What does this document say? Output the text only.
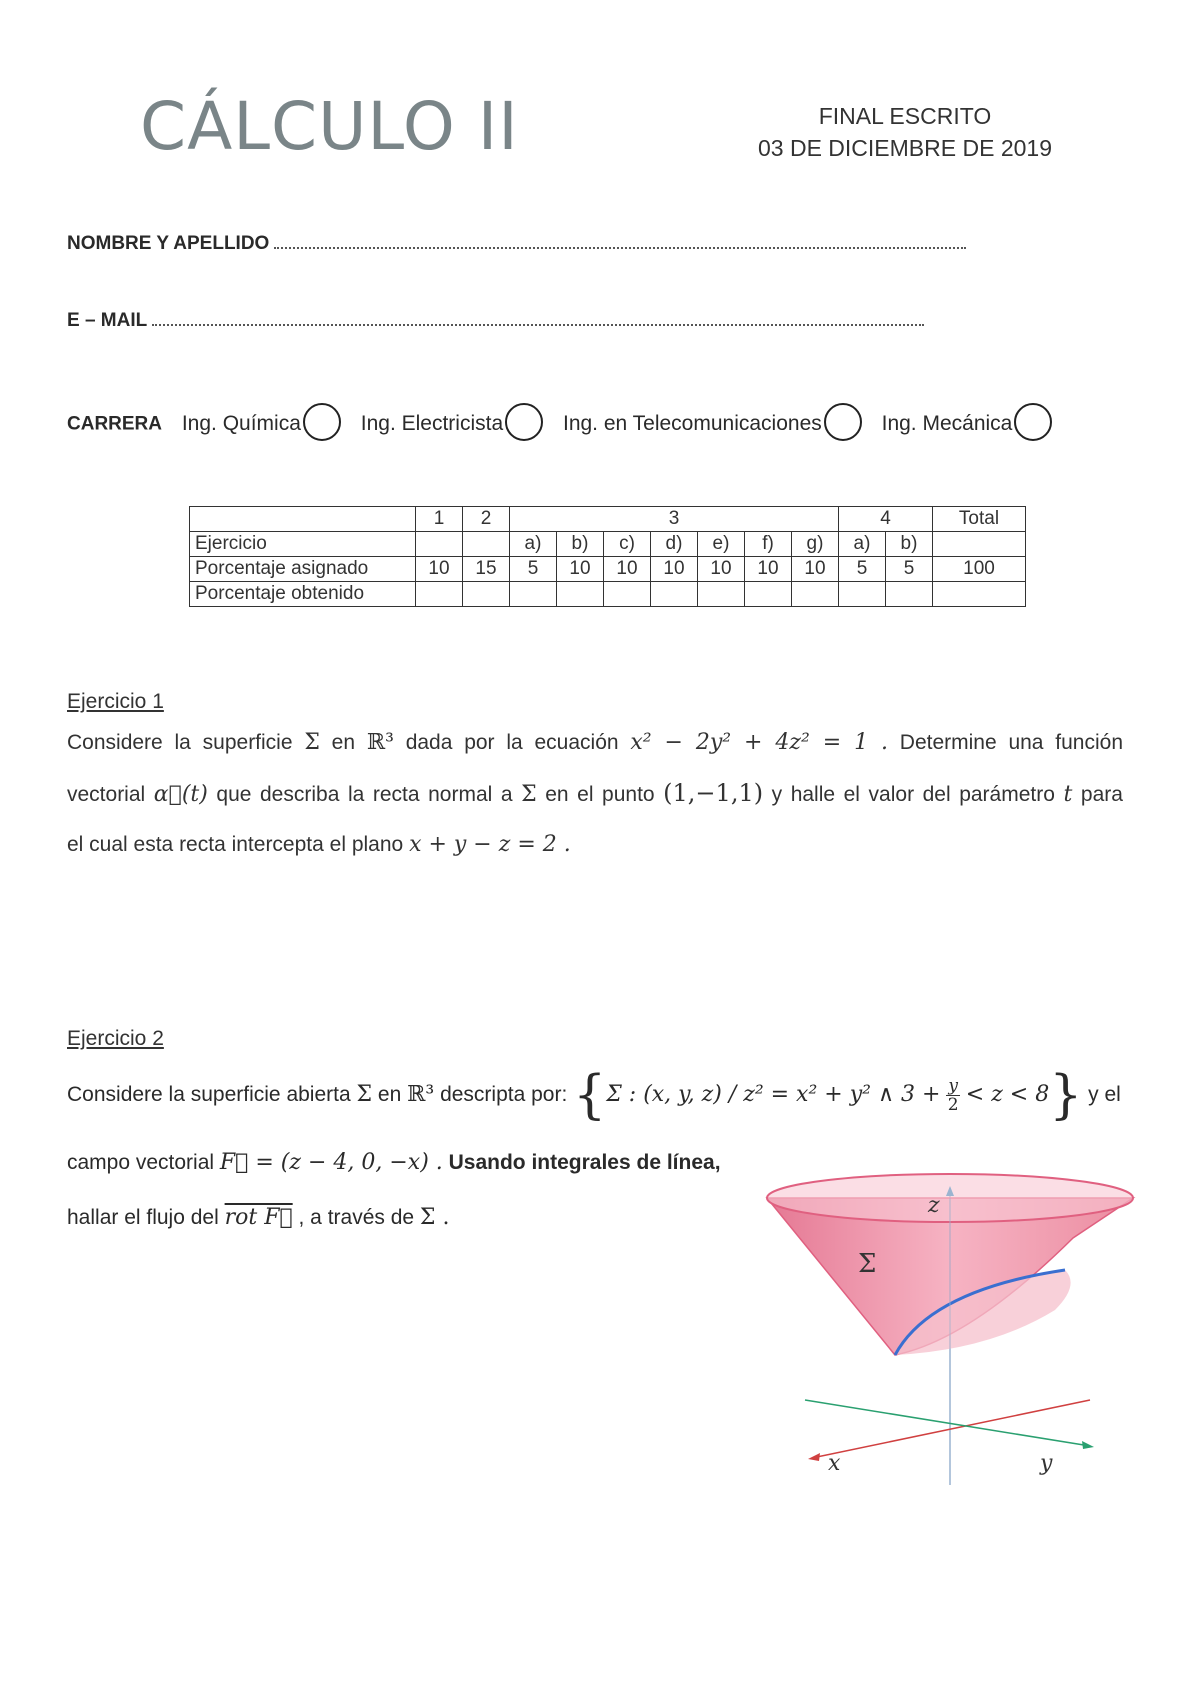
CÁLCULO II	FINAL ESCRITO
03 DE DICIEMBRE DE 2019
NOMBRE Y APELLIDO
E – MAIL
CARRERA Ing. Química	Ing. Electricista	Ing. en Telecomunicaciones	Ing. Mecánica
	1	2	3							4		Total
Ejercicio			a)	b)	c)	d)	e)	f)	g)	a)	b)	
Porcentaje asignado	10	15	5	10	10	10	10	10	10	5	5	100
Porcentaje obtenido												
Ejercicio 1
Considere la superficie Σ en ℝ³ dada por la ecuación x² − 2y² + 4z² = 1 . Determine una función
vectorial α⃗(t) que describa la recta normal a Σ en el punto (1,−1,1) y halle el valor del parámetro t para
el cual esta recta intercepta el plano x + y − z = 2 .
Ejercicio 2
Considere la superficie abierta Σ en ℝ³ descripta por: {Σ : (x, y, z) / z² = x² + y² ∧ $3 + \frac{y}{2} < z < 8$} y el
campo vectorial F⃗ = (z − 4, 0, −x) . Usando integrales de línea,
hallar el flujo del rot F⃗ , a través de Σ .	z
Σ
x	y
